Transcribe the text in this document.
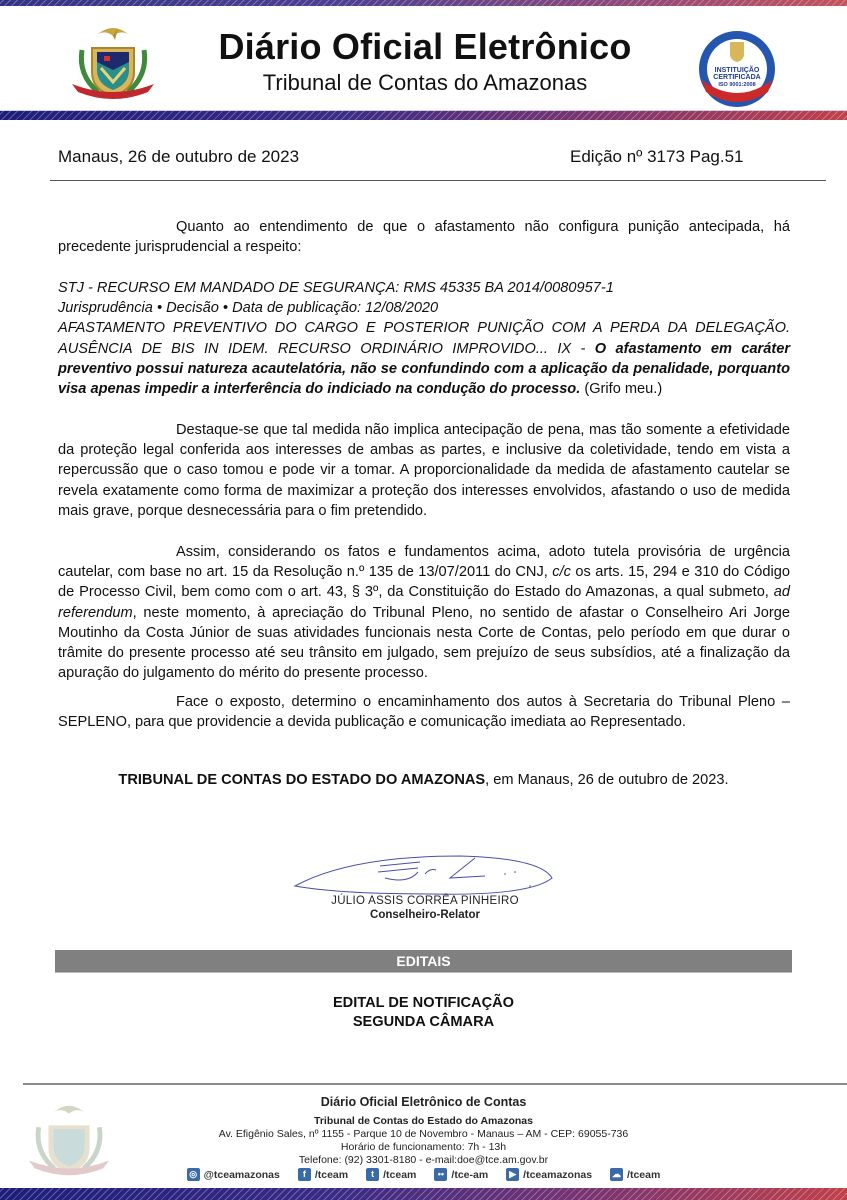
Diário Oficial Eletrônico
Tribunal de Contas do Amazonas	INSTITUIÇÃO
CERTIFICADA
ISO 9001:2008
Manaus, 26 de outubro de 2023	Edição nº 3173 Pag.51

Quanto ao entendimento de que o afastamento não configura punição antecipada, há precedente jurisprudencial a respeito:

STJ - RECURSO EM MANDADO DE SEGURANÇA: RMS 45335 BA 2014/0080957-1

Jurisprudência • Decisão • Data de publicação: 12/08/2020

AFASTAMENTO PREVENTIVO DO CARGO E POSTERIOR PUNIÇÃO COM A PERDA DA DELEGAÇÃO. AUSÊNCIA DE BIS IN IDEM. RECURSO ORDINÁRIO IMPROVIDO... IX - O afastamento em caráter preventivo possui natureza acautelatória, não se confundindo com a aplicação da penalidade, porquanto visa apenas impedir a interferência do indiciado na condução do processo. (Grifo meu.)

Destaque-se que tal medida não implica antecipação de pena, mas tão somente a efetividade da proteção legal conferida aos interesses de ambas as partes, e inclusive da coletividade, tendo em vista a repercussão que o caso tomou e pode vir a tomar. A proporcionalidade da medida de afastamento cautelar se revela exatamente como forma de maximizar a proteção dos interesses envolvidos, afastando o uso de medida mais grave, porque desnecessária para o fim pretendido.

Assim, considerando os fatos e fundamentos acima, adoto tutela provisória de urgência cautelar, com base no art. 15 da Resolução n.º 135 de 13/07/2011 do CNJ, c/c os arts. 15, 294 e 310 do Código de Processo Civil, bem como com o art. 43, § 3º, da Constituição do Estado do Amazonas, a qual submeto, ad referendum, neste momento, à apreciação do Tribunal Pleno, no sentido de afastar o Conselheiro Ari Jorge Moutinho da Costa Júnior de suas atividades funcionais nesta Corte de Contas, pelo período em que durar o trâmite do presente processo até seu trânsito em julgado, sem prejuízo de seus subsídios, até a finalização da apuração do julgamento do mérito do presente processo.

Face o exposto, determino o encaminhamento dos autos à Secretaria do Tribunal Pleno – SEPLENO, para que providencie a devida publicação e comunicação imediata ao Representado.

TRIBUNAL DE CONTAS DO ESTADO DO AMAZONAS, em Manaus, 26 de outubro de 2023.
JÚLIO ASSIS CORRÊA PINHEIRO
Conselheiro-Relator
EDITAIS
EDITAL DE NOTIFICAÇÃO
SEGUNDA CÂMARA
Diário Oficial Eletrônico de Contas
Tribunal de Contas do Estado do Amazonas
Av. Efigênio Sales, nº 1155 - Parque 10 de Novembro - Manaus – AM - CEP: 69055-736
Horário de funcionamento: 7h - 13h
Telefone: (92) 3301-8180 - e-mail:doe@tce.am.gov.br
◎ @tceamazonas	f /tceam	t /tceam	•• /tce-am	▶ /tceamazonas ☁ /tceam
